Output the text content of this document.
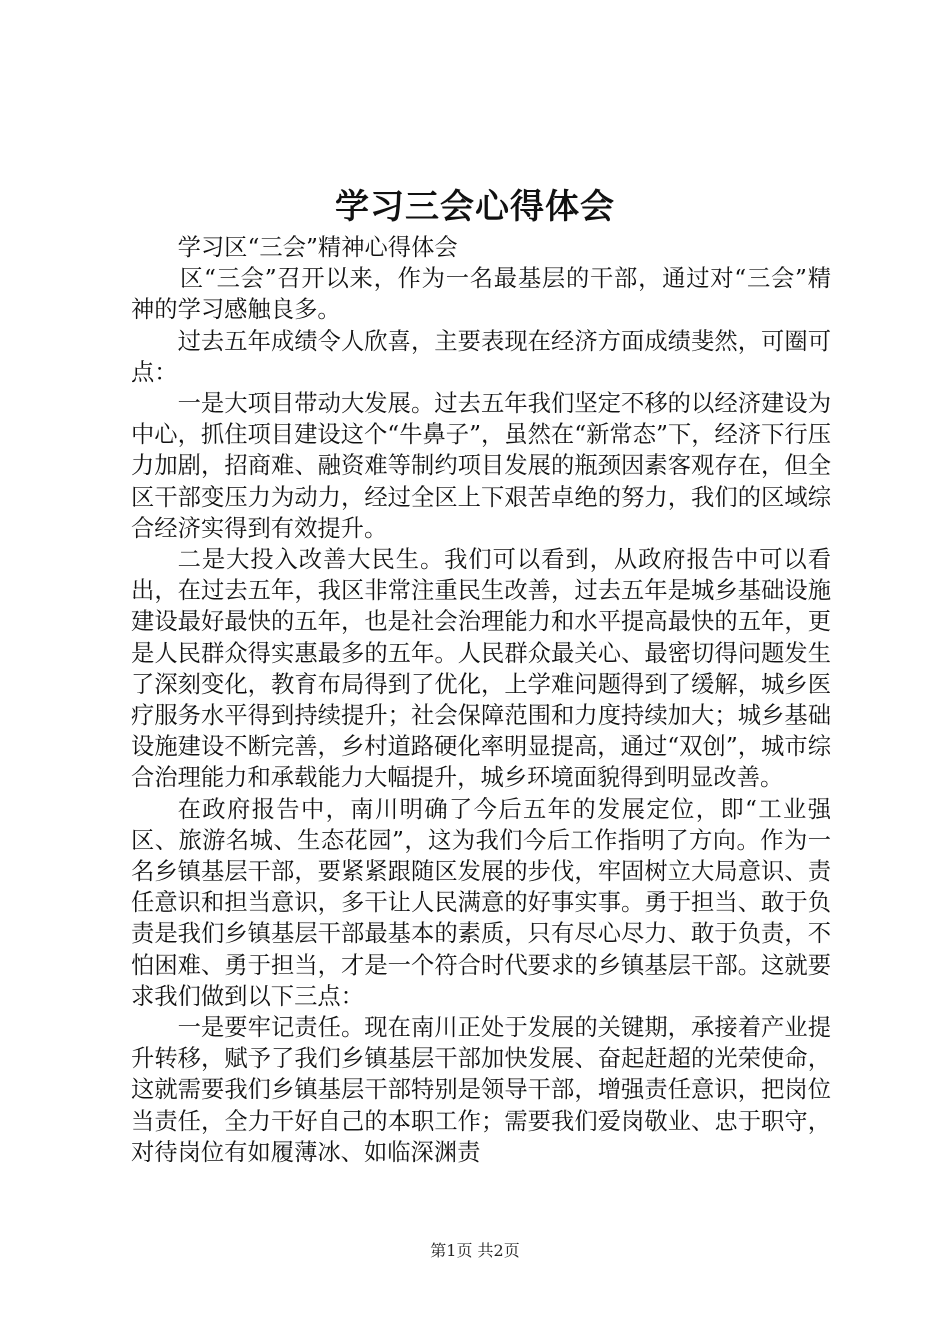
学习三会心得体会

学习区“三会”精神心得体会

区“三会”召开以来，作为一名最基层的干部，通过对“三会”精神的学习感触良多。

过去五年成绩令人欣喜，主要表现在经济方面成绩斐然，可圈可点：

一是大项目带动大发展。过去五年我们坚定不移的以经济建设为中心，抓住项目建设这个“牛鼻子”，虽然在“新常态”下，经济下行压力加剧，招商难、融资难等制约项目发展的瓶颈因素客观存在，但全区干部变压力为动力，经过全区上下艰苦卓绝的努力，我们的区域综合经济实得到有效提升。

二是大投入改善大民生。我们可以看到，从政府报告中可以看出，在过去五年，我区非常注重民生改善，过去五年是城乡基础设施建设最好最快的五年，也是社会治理能力和水平提高最快的五年，更是人民群众得实惠最多的五年。人民群众最关心、最密切得问题发生了深刻变化，教育布局得到了优化，上学难问题得到了缓解，城乡医疗服务水平得到持续提升；社会保障范围和力度持续加大；城乡基础设施建设不断完善，乡村道路硬化率明显提高，通过“双创”，城市综合治理能力和承载能力大幅提升，城乡环境面貌得到明显改善。

在政府报告中，南川明确了今后五年的发展定位，即“工业强区、旅游名城、生态花园”，这为我们今后工作指明了方向。作为一名乡镇基层干部，要紧紧跟随区发展的步伐，牢固树立大局意识、责任意识和担当意识，多干让人民满意的好事实事。勇于担当、敢于负责是我们乡镇基层干部最基本的素质，只有尽心尽力、敢于负责，不怕困难、勇于担当，才是一个符合时代要求的乡镇基层干部。这就要求我们做到以下三点：

一是要牢记责任。现在南川正处于发展的关键期，承接着产业提升转移，赋予了我们乡镇基层干部加快发展、奋起赶超的光荣使命，这就需要我们乡镇基层干部特别是领导干部，增强责任意识，把岗位当责任，全力干好自己的本职工作；需要我们爱岗敬业、忠于职守，对待岗位有如履薄冰、如临深渊责

第1页 共2页
